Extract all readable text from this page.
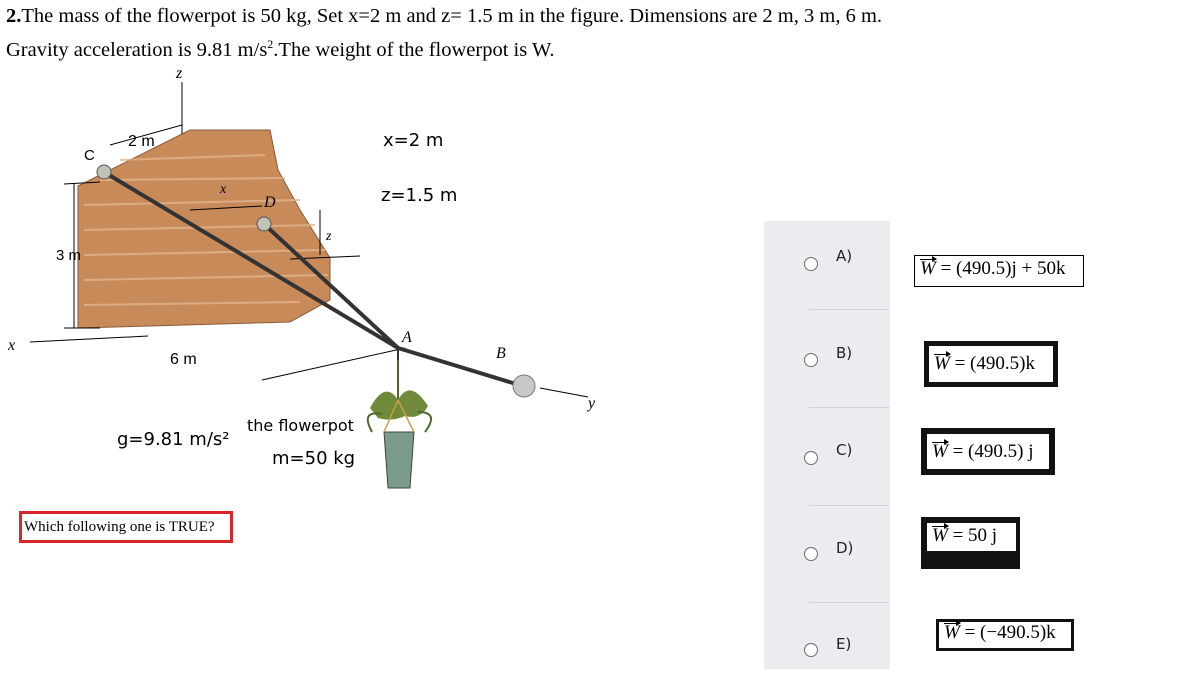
2.The mass of the flowerpot is 50 kg, Set x=2 m and z= 1.5 m in the figure. Dimensions are 2 m, 3 m, 6 m.
Gravity acceleration is 9.81 $m/s^2.The$ weight of the flowerpot is W.
z
x
y
C
2 m
3 m
6 m
D
x
z
A
B
x=2 m
z=1.5 m
g=9.81 m/s²
the flowerpot
m=50 kg
Which following one is TRUE?
A)
B)
C)
D)
E)
W = (490.5)j + 50k
W = (490.5)k
W = (490.5) j
W = 50 j
W = (−490.5)k
